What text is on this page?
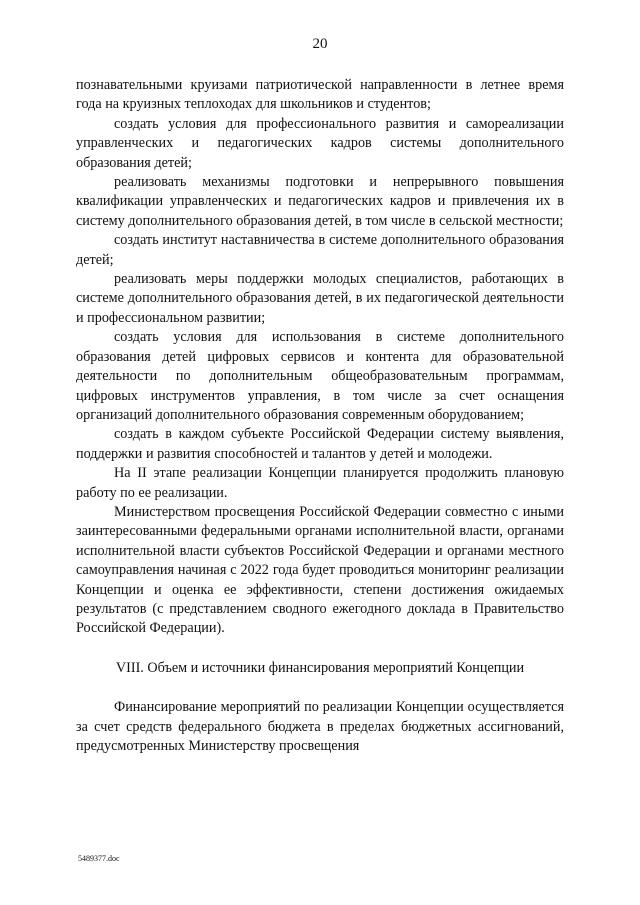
20

познавательными круизами патриотической направленности в летнее время года на круизных теплоходах для школьников и студентов;

создать условия для профессионального развития и самореализации управленческих и педагогических кадров системы дополнительного образования детей;

реализовать механизмы подготовки и непрерывного повышения квалификации управленческих и педагогических кадров и привлечения их в систему дополнительного образования детей, в том числе в сельской местности;

создать институт наставничества в системе дополнительного образования детей;

реализовать меры поддержки молодых специалистов, работающих в системе дополнительного образования детей, в их педагогической деятельности и профессиональном развитии;

создать условия для использования в системе дополнительного образования детей цифровых сервисов и контента для образовательной деятельности по дополнительным общеобразовательным программам, цифровых инструментов управления, в том числе за счет оснащения организаций дополнительного образования современным оборудованием;

создать в каждом субъекте Российской Федерации систему выявления, поддержки и развития способностей и талантов у детей и молодежи.

На II этапе реализации Концепции планируется продолжить плановую работу по ее реализации.

Министерством просвещения Российской Федерации совместно с иными заинтересованными федеральными органами исполнительной власти, органами исполнительной власти субъектов Российской Федерации и органами местного самоуправления начиная с 2022 года будет проводиться мониторинг реализации Концепции и оценка ее эффективности, степени достижения ожидаемых результатов (с представлением сводного ежегодного доклада в Правительство Российской Федерации).

VIII. Объем и источники финансирования мероприятий Концепции

Финансирование мероприятий по реализации Концепции осуществляется за счет средств федерального бюджета в пределах бюджетных ассигнований, предусмотренных Министерству просвещения

5489377.doc
